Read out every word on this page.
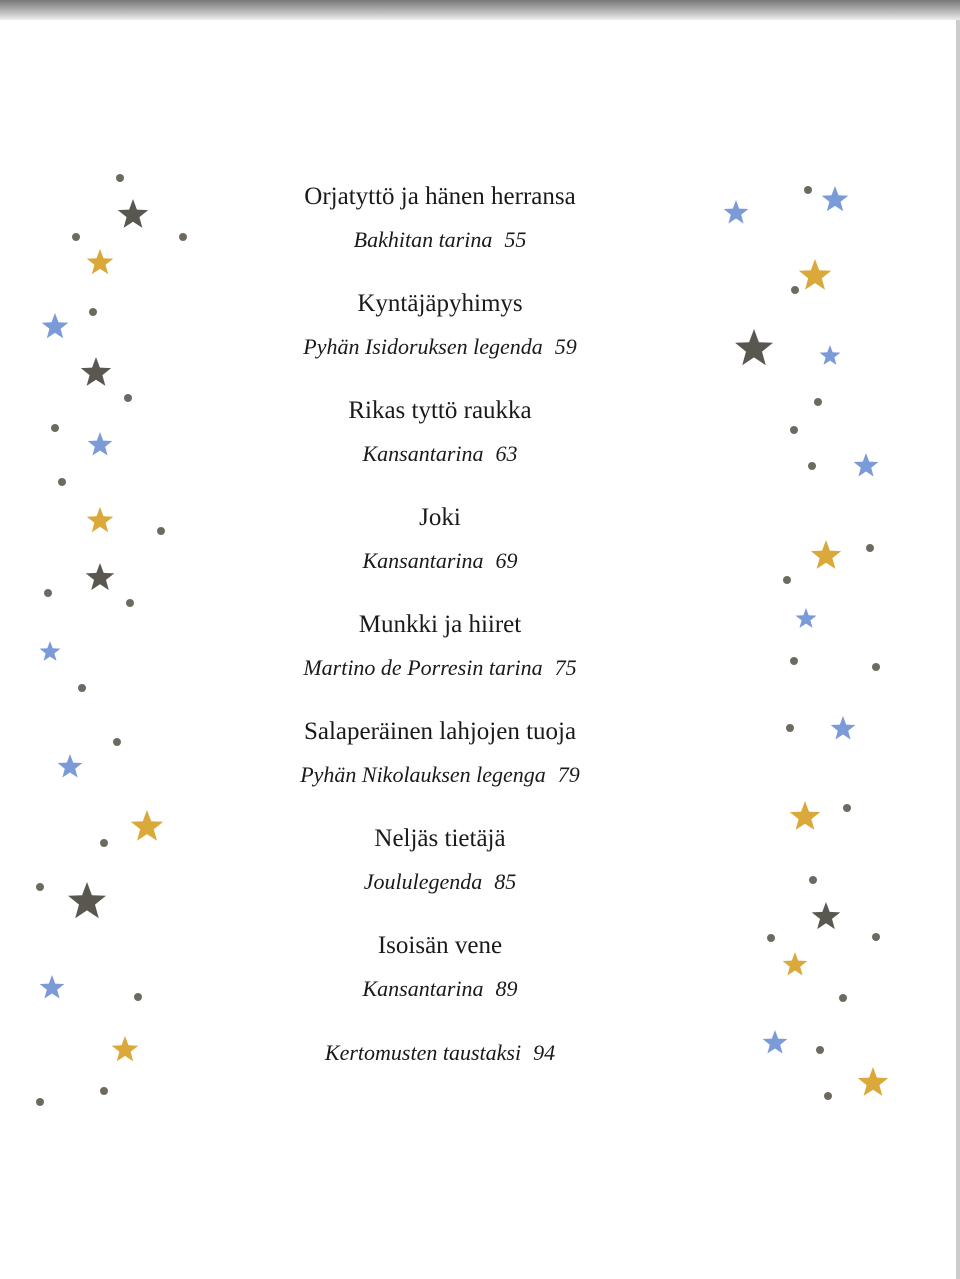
Orjatyttö ja hänen herransa
Bakhitan tarina 55
Kyntäjäpyhimys
Pyhän Isidoruksen legenda 59
Rikas tyttö raukka
Kansantarina 63
Joki
Kansantarina 69
Munkki ja hiiret
Martino de Porresin tarina 75
Salaperäinen lahjojen tuoja
Pyhän Nikolauksen legenga 79
Neljäs tietäjä
Joululegenda 85
Isoisän vene
Kansantarina 89
Kertomusten taustaksi 94
